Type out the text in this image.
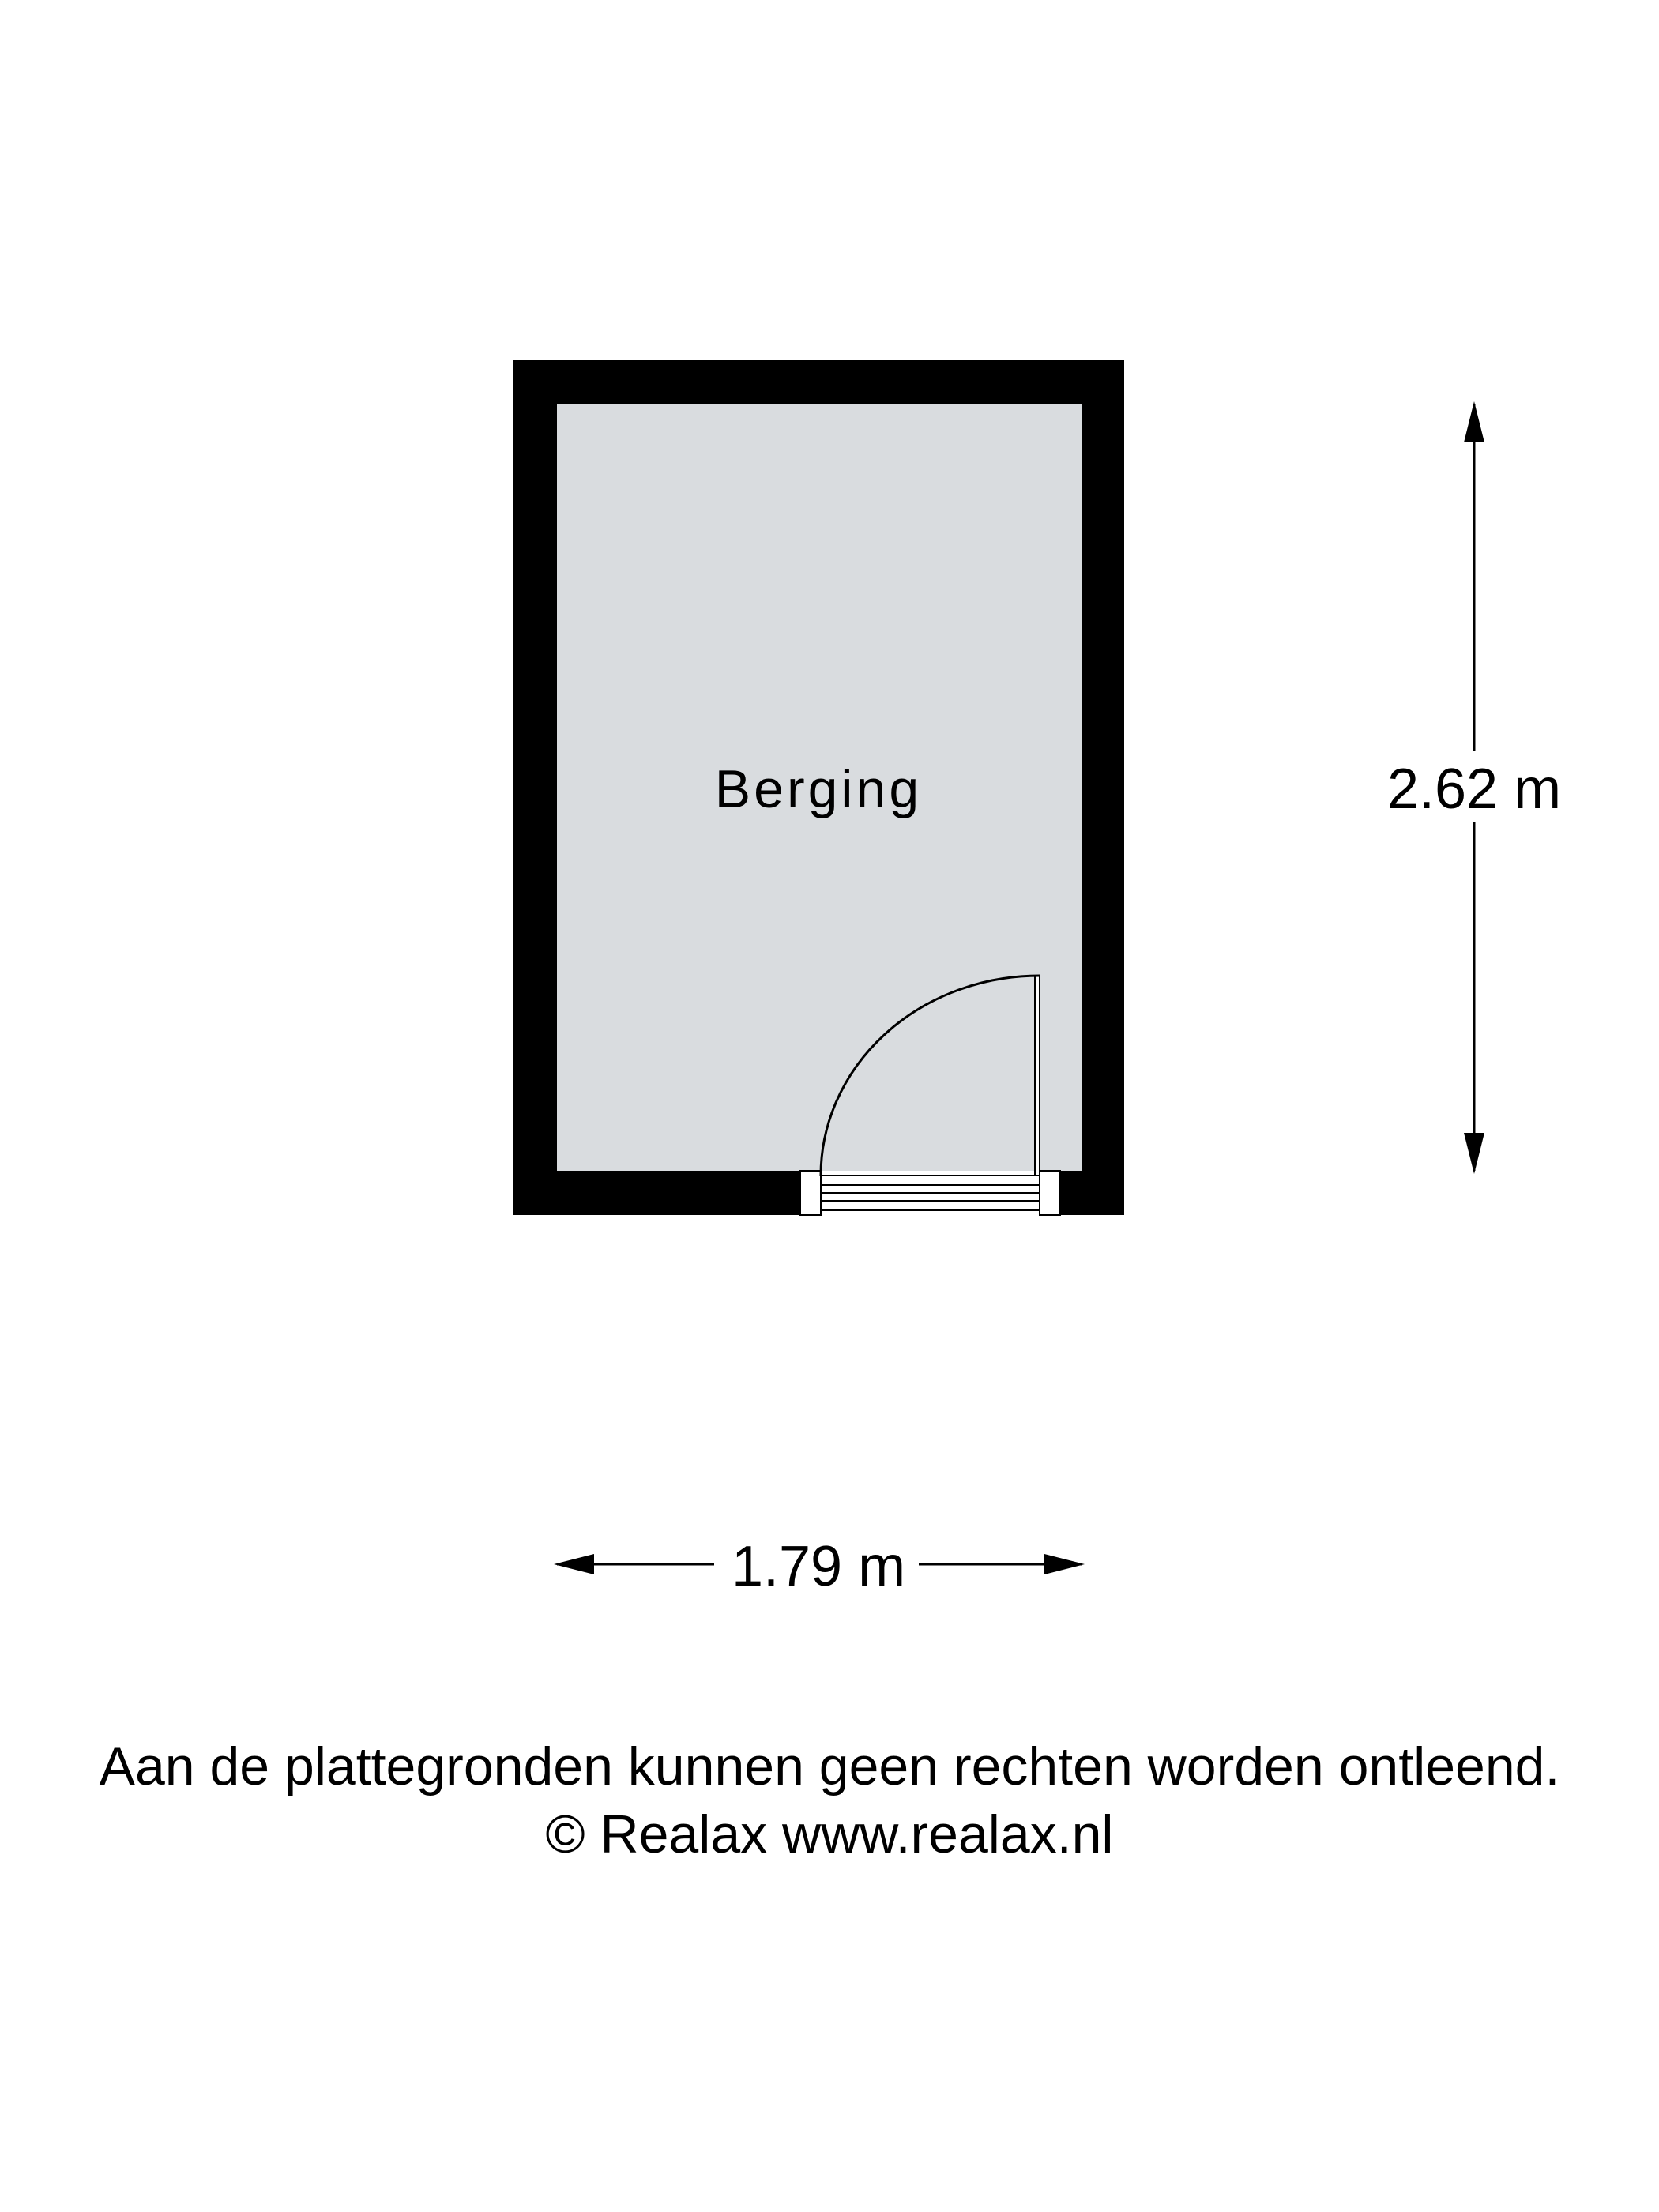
Berging	2.62 m
1.79 m
Aan de plattegronden kunnen geen rechten worden ontleend.
© Realax www.realax.nl
